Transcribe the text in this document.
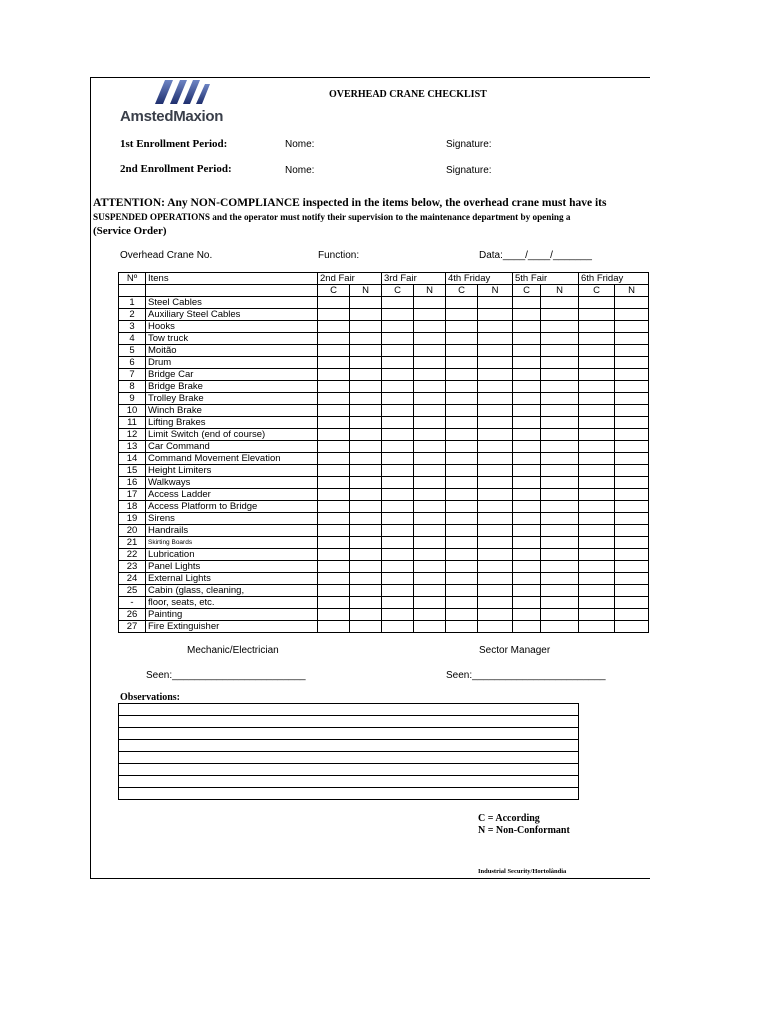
AmstedMaxion
OVERHEAD CRANE CHECKLIST
1st Enrollment Period:	Nome:	Signature:
2nd Enrollment Period:	Nome:	Signature:
ATTENTION: Any NON-COMPLIANCE inspected in the items below, the overhead crane must have its
SUSPENDED OPERATIONS and the operator must notify their supervision to the maintenance department by opening a
(Service Order)
Overhead Crane No.	Function:	Data:____/____/_______
Nº	Itens	2nd Fair		3rd Fair		4th Friday		5th Fair		6th Friday	
		C	N	C	N	C	N	C	N	C	N
1	Steel Cables										
2	Auxiliary Steel Cables										
3	Hooks										
4	Tow truck										
5	Moitão										
6	Drum										
7	Bridge Car										
8	Bridge Brake										
9	Trolley Brake										
10	Winch Brake										
11	Lifting Brakes										
12	Limit Switch (end of course)										
13	Car Command										
14	Command Movement Elevation										
15	Height Limiters										
16	Walkways										
17	Access Ladder										
18	Access Platform to Bridge										
19	Sirens										
20	Handrails										
21	Skirting Boards										
22	Lubrication										
23	Panel Lights										
24	External Lights										
25	Cabin (glass, cleaning,										
-	floor, seats, etc.										
26	Painting										
27	Fire Extinguisher										
Mechanic/Electrician	Sector Manager
Seen:________________________	Seen:________________________
Observations:

C = According
N = Non-Conformant
Industrial Security/Hortolândia
